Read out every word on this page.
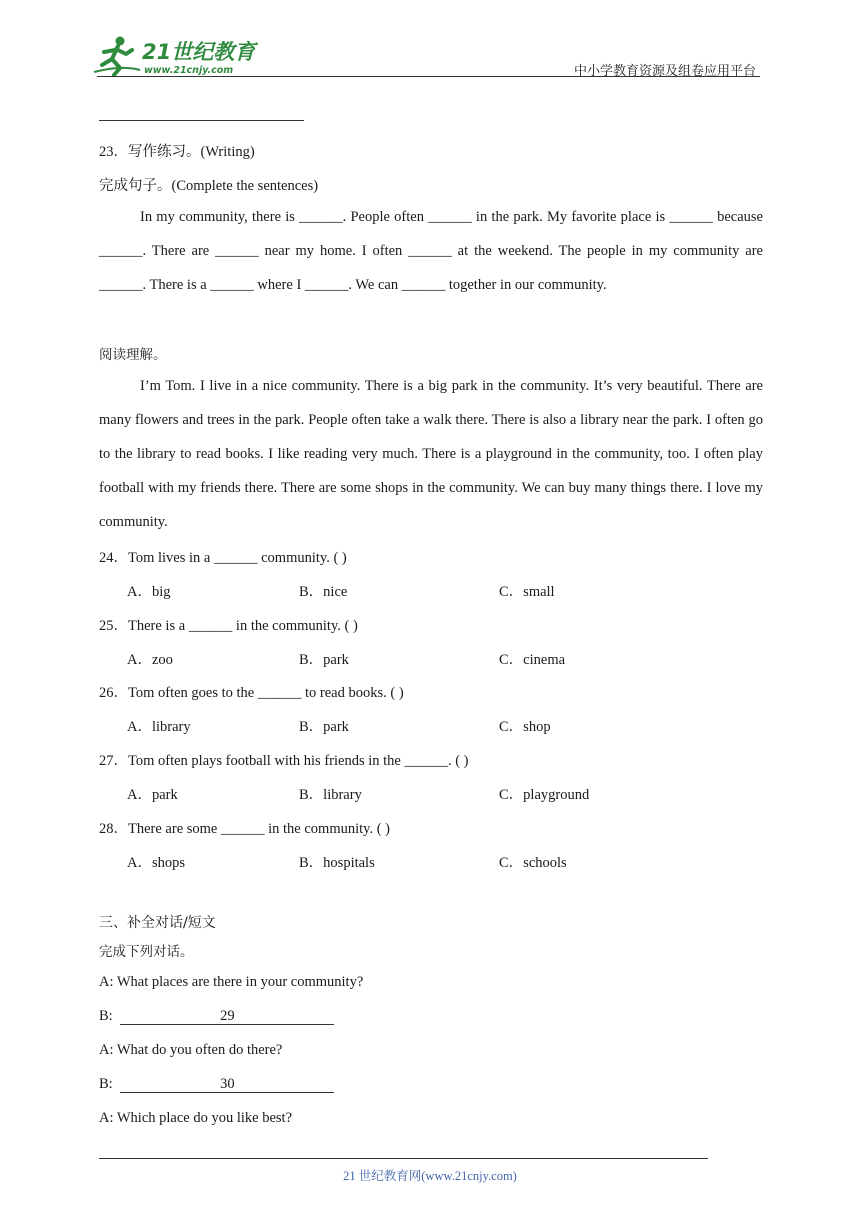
21世纪教育
www.21cnjy.com	中小学教育资源及组卷应用平台
23．写作练习。(Writing)
完成句子。(Complete the sentences)

In my community, there is ______. People often ______ in the park. My favorite place is ______ because ______. There are ______ near my home. I often ______ at the weekend. The people in my community are ______. There is a ______ where I ______. We can ______ together in our community.

阅读理解。

I’m Tom. I live in a nice community. There is a big park in the community. It’s very beautiful. There are many flowers and trees in the park. People often take a walk there. There is also a library near the park. I often go to the library to read books. I like reading very much. There is a playground in the community, too. I often play football with my friends there. There are some shops in the community. We can buy many things there. I love my community.

24．Tom lives in a ______ community. ( )
A．big	B．nice	C．small
25．There is a ______ in the community. ( )
A．zoo	B．park	C．cinema
26．Tom often goes to the ______ to read books. ( )
A．library	B．park	C．shop
27．Tom often plays football with his friends in the ______. ( )
A．park	B．library	C．playground
28．There are some ______ in the community. ( )
A．shops	B．hospitals	C．schools
三、补全对话/短文
完成下列对话。
A: What places are there in your community?
B:	29
A: What do you often do there?
B:	30
A: Which place do you like best?
21 世纪教育网(www.21cnjy.com)
